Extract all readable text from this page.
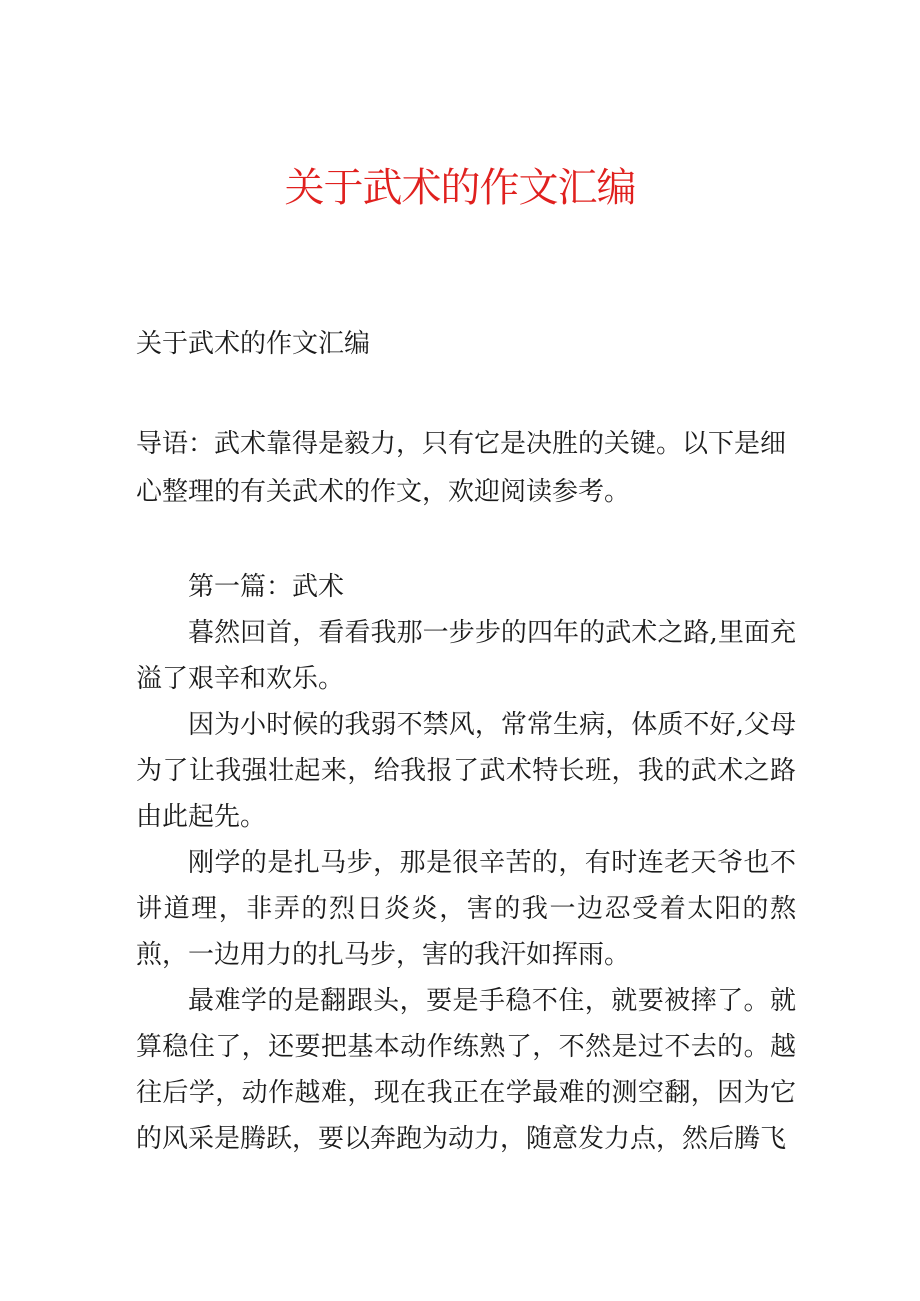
关于武术的作文汇编

关于武术的作文汇编

导语：武术靠得是毅力，只有它是决胜的关键。以下是细心整理的有关武术的作文，欢迎阅读参考。

第一篇：武术

暮然回首，看看我那一步步的四年的武术之路,里面充溢了艰辛和欢乐。

因为小时候的我弱不禁风，常常生病，体质不好,父母为了让我强壮起来，给我报了武术特长班，我的武术之路由此起先。

刚学的是扎马步，那是很辛苦的，有时连老天爷也不讲道理，非弄的烈日炎炎，害的我一边忍受着太阳的熬煎，一边用力的扎马步，害的我汗如挥雨。

最难学的是翻跟头，要是手稳不住，就要被摔了。就算稳住了，还要把基本动作练熟了，不然是过不去的。越往后学，动作越难，现在我正在学最难的测空翻，因为它的风采是腾跃，要以奔跑为动力，随意发力点，然后腾飞
